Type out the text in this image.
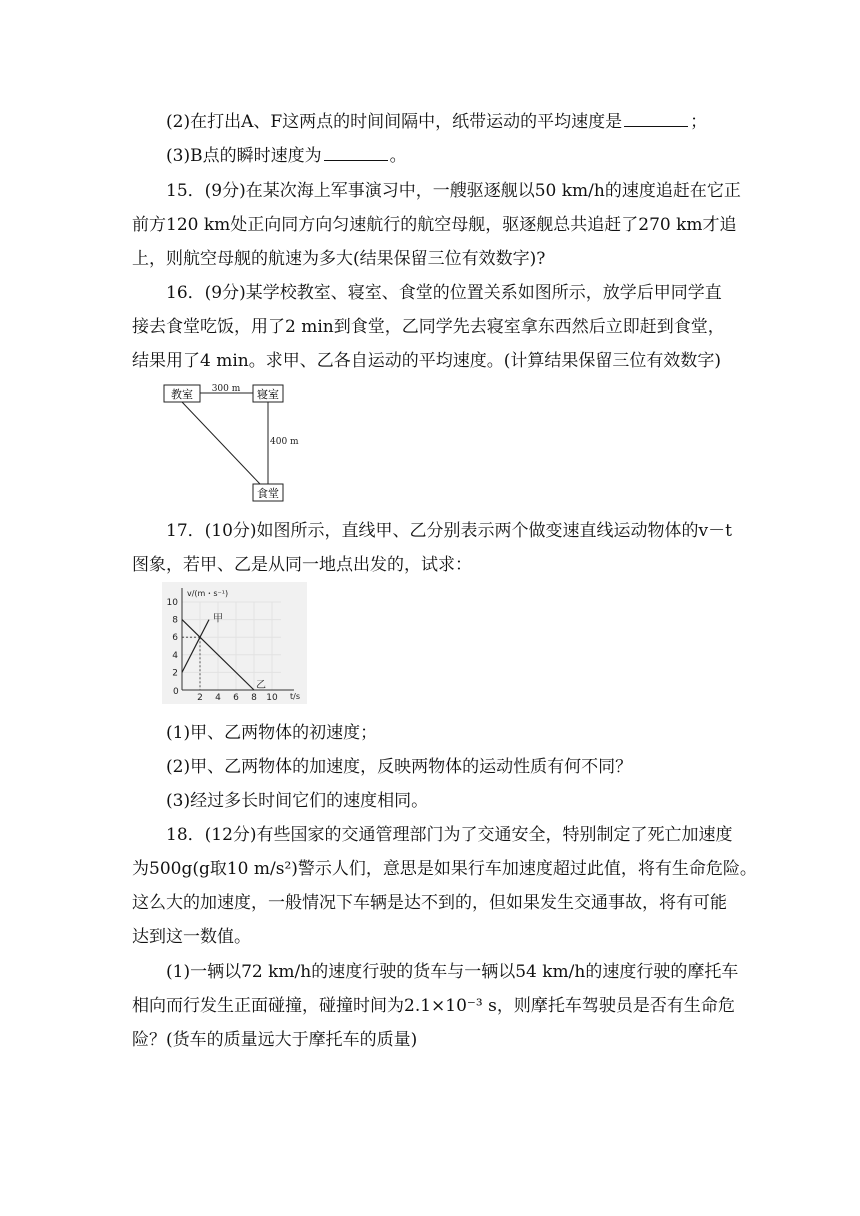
(2)在打出A、F这两点的时间间隔中，纸带运动的平均速度是	；
(3)B点的瞬时速度为	。
15．(9分)在某次海上军事演习中，一艘驱逐舰以50 km/h的速度追赶在它正
前方120 km处正向同方向匀速航行的航空母舰，驱逐舰总共追赶了270 km才追
上，则航空母舰的航速为多大(结果保留三位有效数字)?
16．(9分)某学校教室、寝室、食堂的位置关系如图所示，放学后甲同学直
接去食堂吃饭，用了2 min到食堂，乙同学先去寝室拿东西然后立即赶到食堂，
结果用了4 min。求甲、乙各自运动的平均速度。(计算结果保留三位有效数字)
教室	寝室
食堂
300 m
400 m
17．(10分)如图所示，直线甲、乙分别表示两个做变速直线运动物体的v－t
图象，若甲、乙是从同一地点出发的，试求：
v/(m・s⁻¹)
t/s
0
2 4 6 8 10
2
4
6
8
10
甲
乙
(1)甲、乙两物体的初速度；
(2)甲、乙两物体的加速度，反映两物体的运动性质有何不同？
(3)经过多长时间它们的速度相同。
18．(12分)有些国家的交通管理部门为了交通安全，特别制定了死亡加速度
为500g(g取10 m/s²)警示人们，意思是如果行车加速度超过此值，将有生命危险。
这么大的加速度，一般情况下车辆是达不到的，但如果发生交通事故，将有可能
达到这一数值。
(1)一辆以72 km/h的速度行驶的货车与一辆以54 km/h的速度行驶的摩托车
相向而行发生正面碰撞，碰撞时间为2.1×10⁻³ s，则摩托车驾驶员是否有生命危
险？(货车的质量远大于摩托车的质量)
